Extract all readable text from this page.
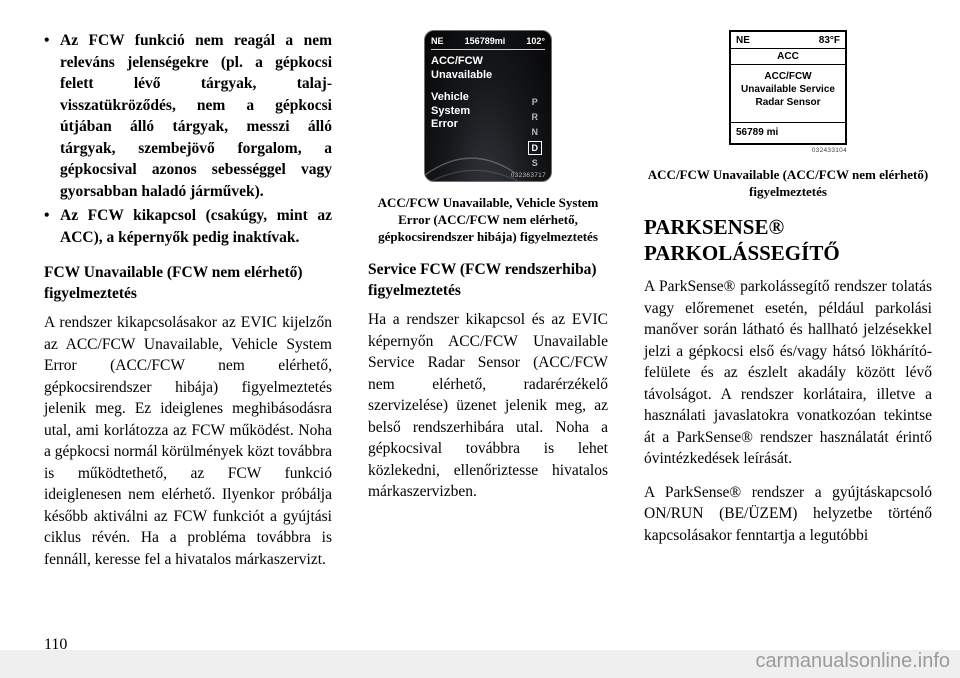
• Az FCW funkció nem reagál a nem releváns jelenségekre (pl. a gépkocsi felett lévő tárgyak, talaj-visszatükröződés, nem a gépkocsi útjában álló tárgyak, messzi álló tárgyak, szembejövő forgalom, a gépkocsival azonos sebességgel vagy gyorsabban haladó járművek).
• Az FCW kikapcsol (csakúgy, mint az ACC), a képernyők pedig inaktívak.
FCW Unavailable (FCW nem elérhető) figyelmeztetés

A rendszer kikapcsolásakor az EVIC kijelzőn az ACC/FCW Unavailable, Vehicle System Error (ACC/FCW nem elérhető, gépkocsirendszer hibája) figyelmeztetés jelenik meg. Ez ideiglenes meghibásodásra utal, ami korlátozza az FCW működést. Noha a gépkocsi normál körülmények közt továbbra is működtethető, az FCW funkció ideiglenesen nem elérhető. Ilyenkor próbálja később aktiválni az FCW funkciót a gyújtási ciklus révén. Ha a probléma továbbra is fennáll, keresse fel a hivatalos márkaszervizt.

NE 156789mi 102°
ACC/FCW
Unavailable
Vehicle
System
Error
P
R
N
D
S
032363717
ACC/FCW Unavailable, Vehicle System Error (ACC/FCW nem elérhető, gépkocsirendszer hibája) figyelmeztetés
Service FCW (FCW rendszerhiba) figyelmeztetés

Ha a rendszer kikapcsol és az EVIC képernyőn ACC/FCW Unavailable Service Radar Sensor (ACC/FCW nem elérhető, radarérzékelő szervizelése) üzenet jelenik meg, az belső rendszerhibára utal. Noha a gépkocsival továbbra is lehet közlekedni, ellenőriztesse hivatalos márkaszervizben.

NE	83°F
ACC
ACC/FCW Unavailable Service Radar Sensor
56789 mi
032433104
ACC/FCW Unavailable (ACC/FCW nem elérhető) figyelmeztetés
PARKSENSE® PARKOLÁSSEGÍTŐ

A ParkSense® parkolássegítő rendszer tolatás vagy előremenet esetén, például parkolási manőver során látható és hallható jelzésekkel jelzi a gépkocsi első és/vagy hátsó lökhárító-felülete és az észlelt akadály között lévő távolságot. A rendszer korlátaira, illetve a használati javaslatokra vonatkozóan tekintse át a ParkSense® rendszer használatát érintő óvintézkedések leírását.

A ParkSense® rendszer a gyújtáskapcsoló ON/RUN (BE/ÜZEM) helyzetbe történő kapcsolásakor fenntartja a legutóbbi

110
carmanualsonline.info
